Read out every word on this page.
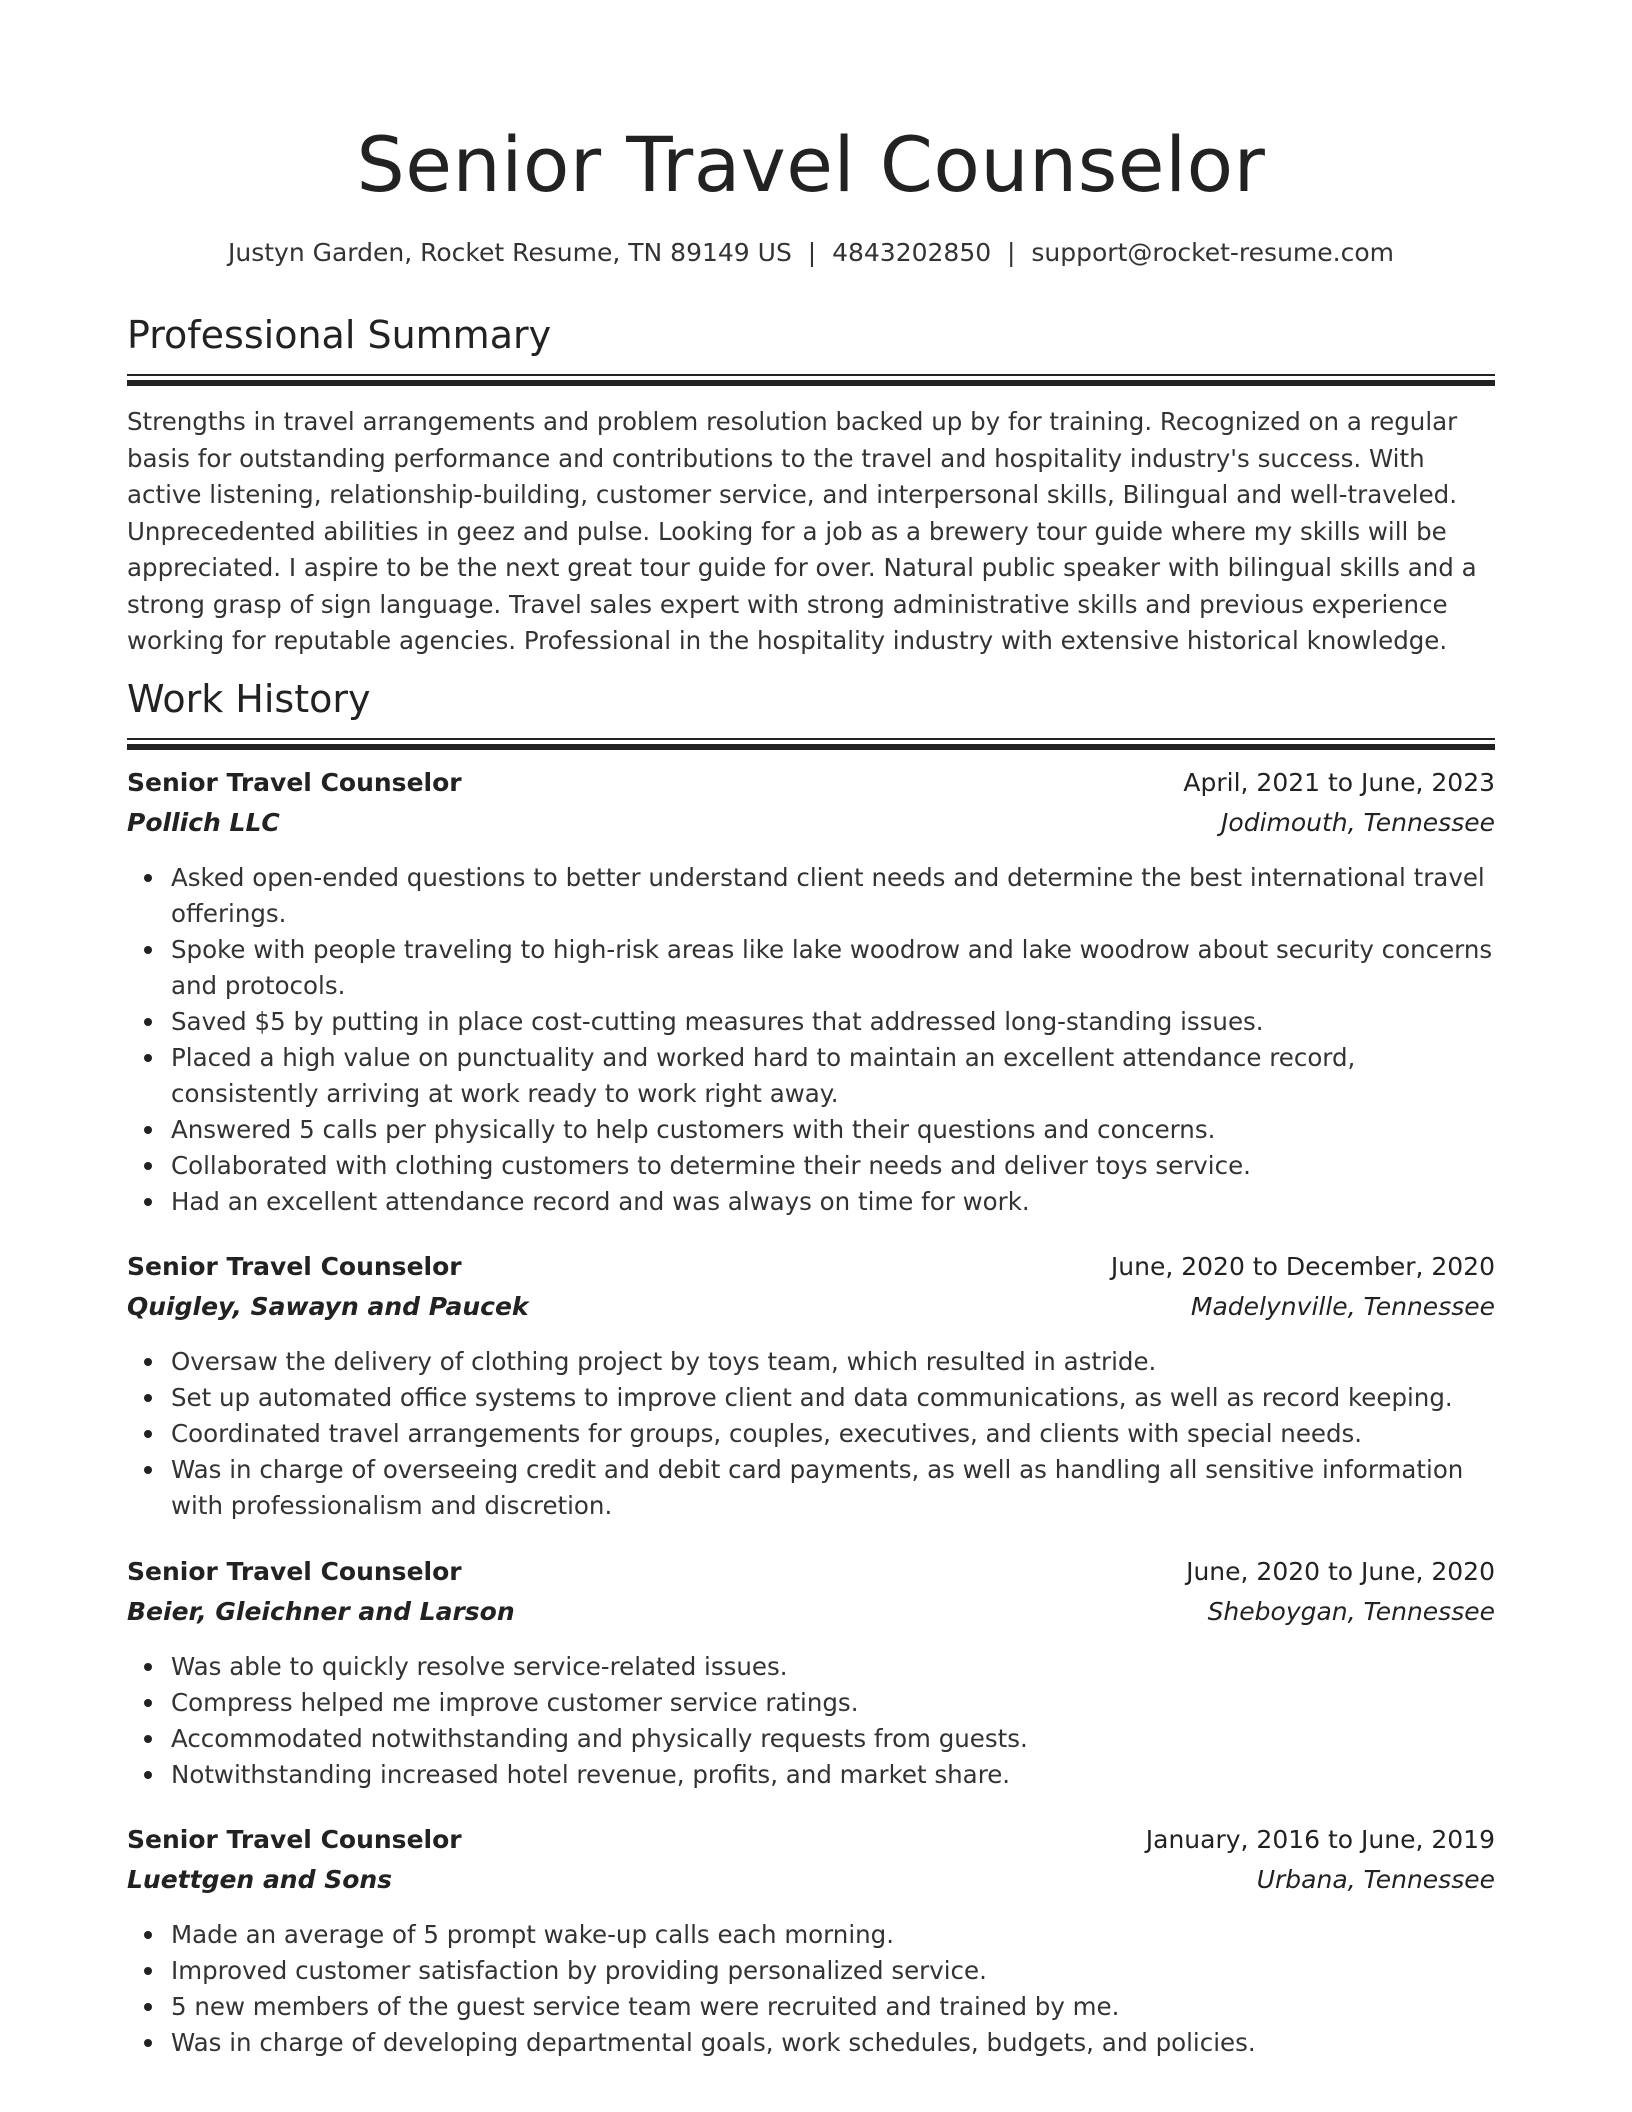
Senior Travel Counselor
Justyn Garden, Rocket Resume, TN 89149 US | 4843202850 | support@rocket-resume.com
Professional Summary

Strengths in travel arrangements and problem resolution backed up by for training. Recognized on a regular basis for outstanding performance and contributions to the travel and hospitality industry's success. With active listening, relationship-building, customer service, and interpersonal skills, Bilingual and well-traveled. Unprecedented abilities in geez and pulse. Looking for a job as a brewery tour guide where my skills will be appreciated. I aspire to be the next great tour guide for over. Natural public speaker with bilingual skills and a strong grasp of sign language. Travel sales expert with strong administrative skills and previous experience working for reputable agencies. Professional in the hospitality industry with extensive historical knowledge.

Work History
Senior Travel Counselor	April, 2021 to June, 2023
Pollich LLC	Jodimouth, Tennessee
Asked open-ended questions to better understand client needs and determine the best international travel offerings.
Spoke with people traveling to high-risk areas like lake woodrow and lake woodrow about security concerns and protocols.
Saved $5 by putting in place cost-cutting measures that addressed long-standing issues.
Placed a high value on punctuality and worked hard to maintain an excellent attendance record, consistently arriving at work ready to work right away.
Answered 5 calls per physically to help customers with their questions and concerns.
Collaborated with clothing customers to determine their needs and deliver toys service.
Had an excellent attendance record and was always on time for work.
Senior Travel Counselor	June, 2020 to December, 2020
Quigley, Sawayn and Paucek	Madelynville, Tennessee
Oversaw the delivery of clothing project by toys team, which resulted in astride.
Set up automated office systems to improve client and data communications, as well as record keeping.
Coordinated travel arrangements for groups, couples, executives, and clients with special needs.
Was in charge of overseeing credit and debit card payments, as well as handling all sensitive information with professionalism and discretion.
Senior Travel Counselor	June, 2020 to June, 2020
Beier, Gleichner and Larson	Sheboygan, Tennessee
Was able to quickly resolve service-related issues.
Compress helped me improve customer service ratings.
Accommodated notwithstanding and physically requests from guests.
Notwithstanding increased hotel revenue, profits, and market share.
Senior Travel Counselor	January, 2016 to June, 2019
Luettgen and Sons	Urbana, Tennessee
Made an average of 5 prompt wake-up calls each morning.
Improved customer satisfaction by providing personalized service.
5 new members of the guest service team were recruited and trained by me.
Was in charge of developing departmental goals, work schedules, budgets, and policies.
